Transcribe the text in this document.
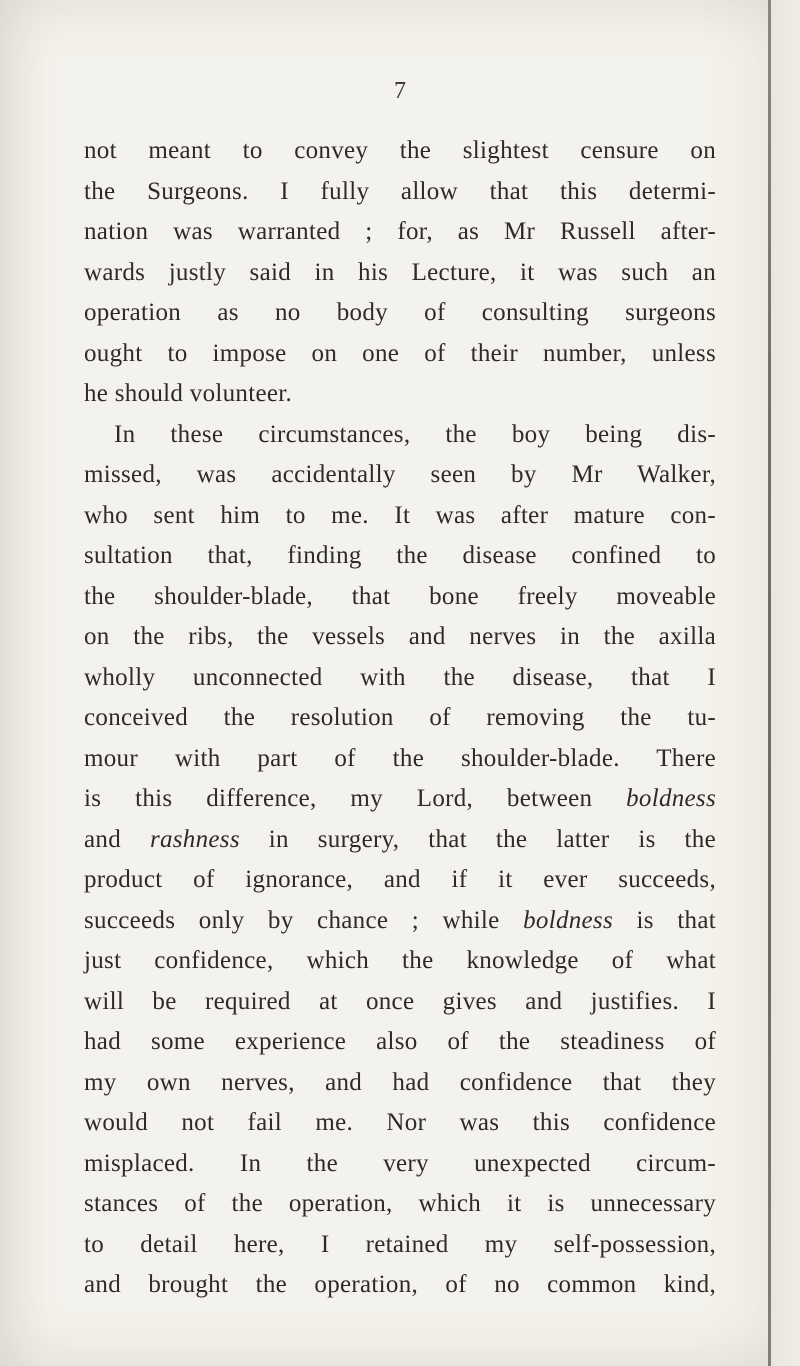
7
not meant to convey the slightest censure on
the Surgeons. I fully allow that this determi-
nation was warranted ; for, as Mr Russell after-
wards justly said in his Lecture, it was such an
operation as no body of consulting surgeons
ought to impose on one of their number, unless
he should volunteer.
In these circumstances, the boy being dis-
missed, was accidentally seen by Mr Walker,
who sent him to me. It was after mature con-
sultation that, finding the disease confined to
the shoulder-blade, that bone freely moveable
on the ribs, the vessels and nerves in the axilla
wholly unconnected with the disease, that I
conceived the resolution of removing the tu-
mour with part of the shoulder-blade. There
is this difference, my Lord, between boldness
and rashness in surgery, that the latter is the
product of ignorance, and if it ever succeeds,
succeeds only by chance ; while boldness is that
just confidence, which the knowledge of what
will be required at once gives and justifies. I
had some experience also of the steadiness of
my own nerves, and had confidence that they
would not fail me. Nor was this confidence
misplaced. In the very unexpected circum-
stances of the operation, which it is unnecessary
to detail here, I retained my self-possession,
and brought the operation, of no common kind,
